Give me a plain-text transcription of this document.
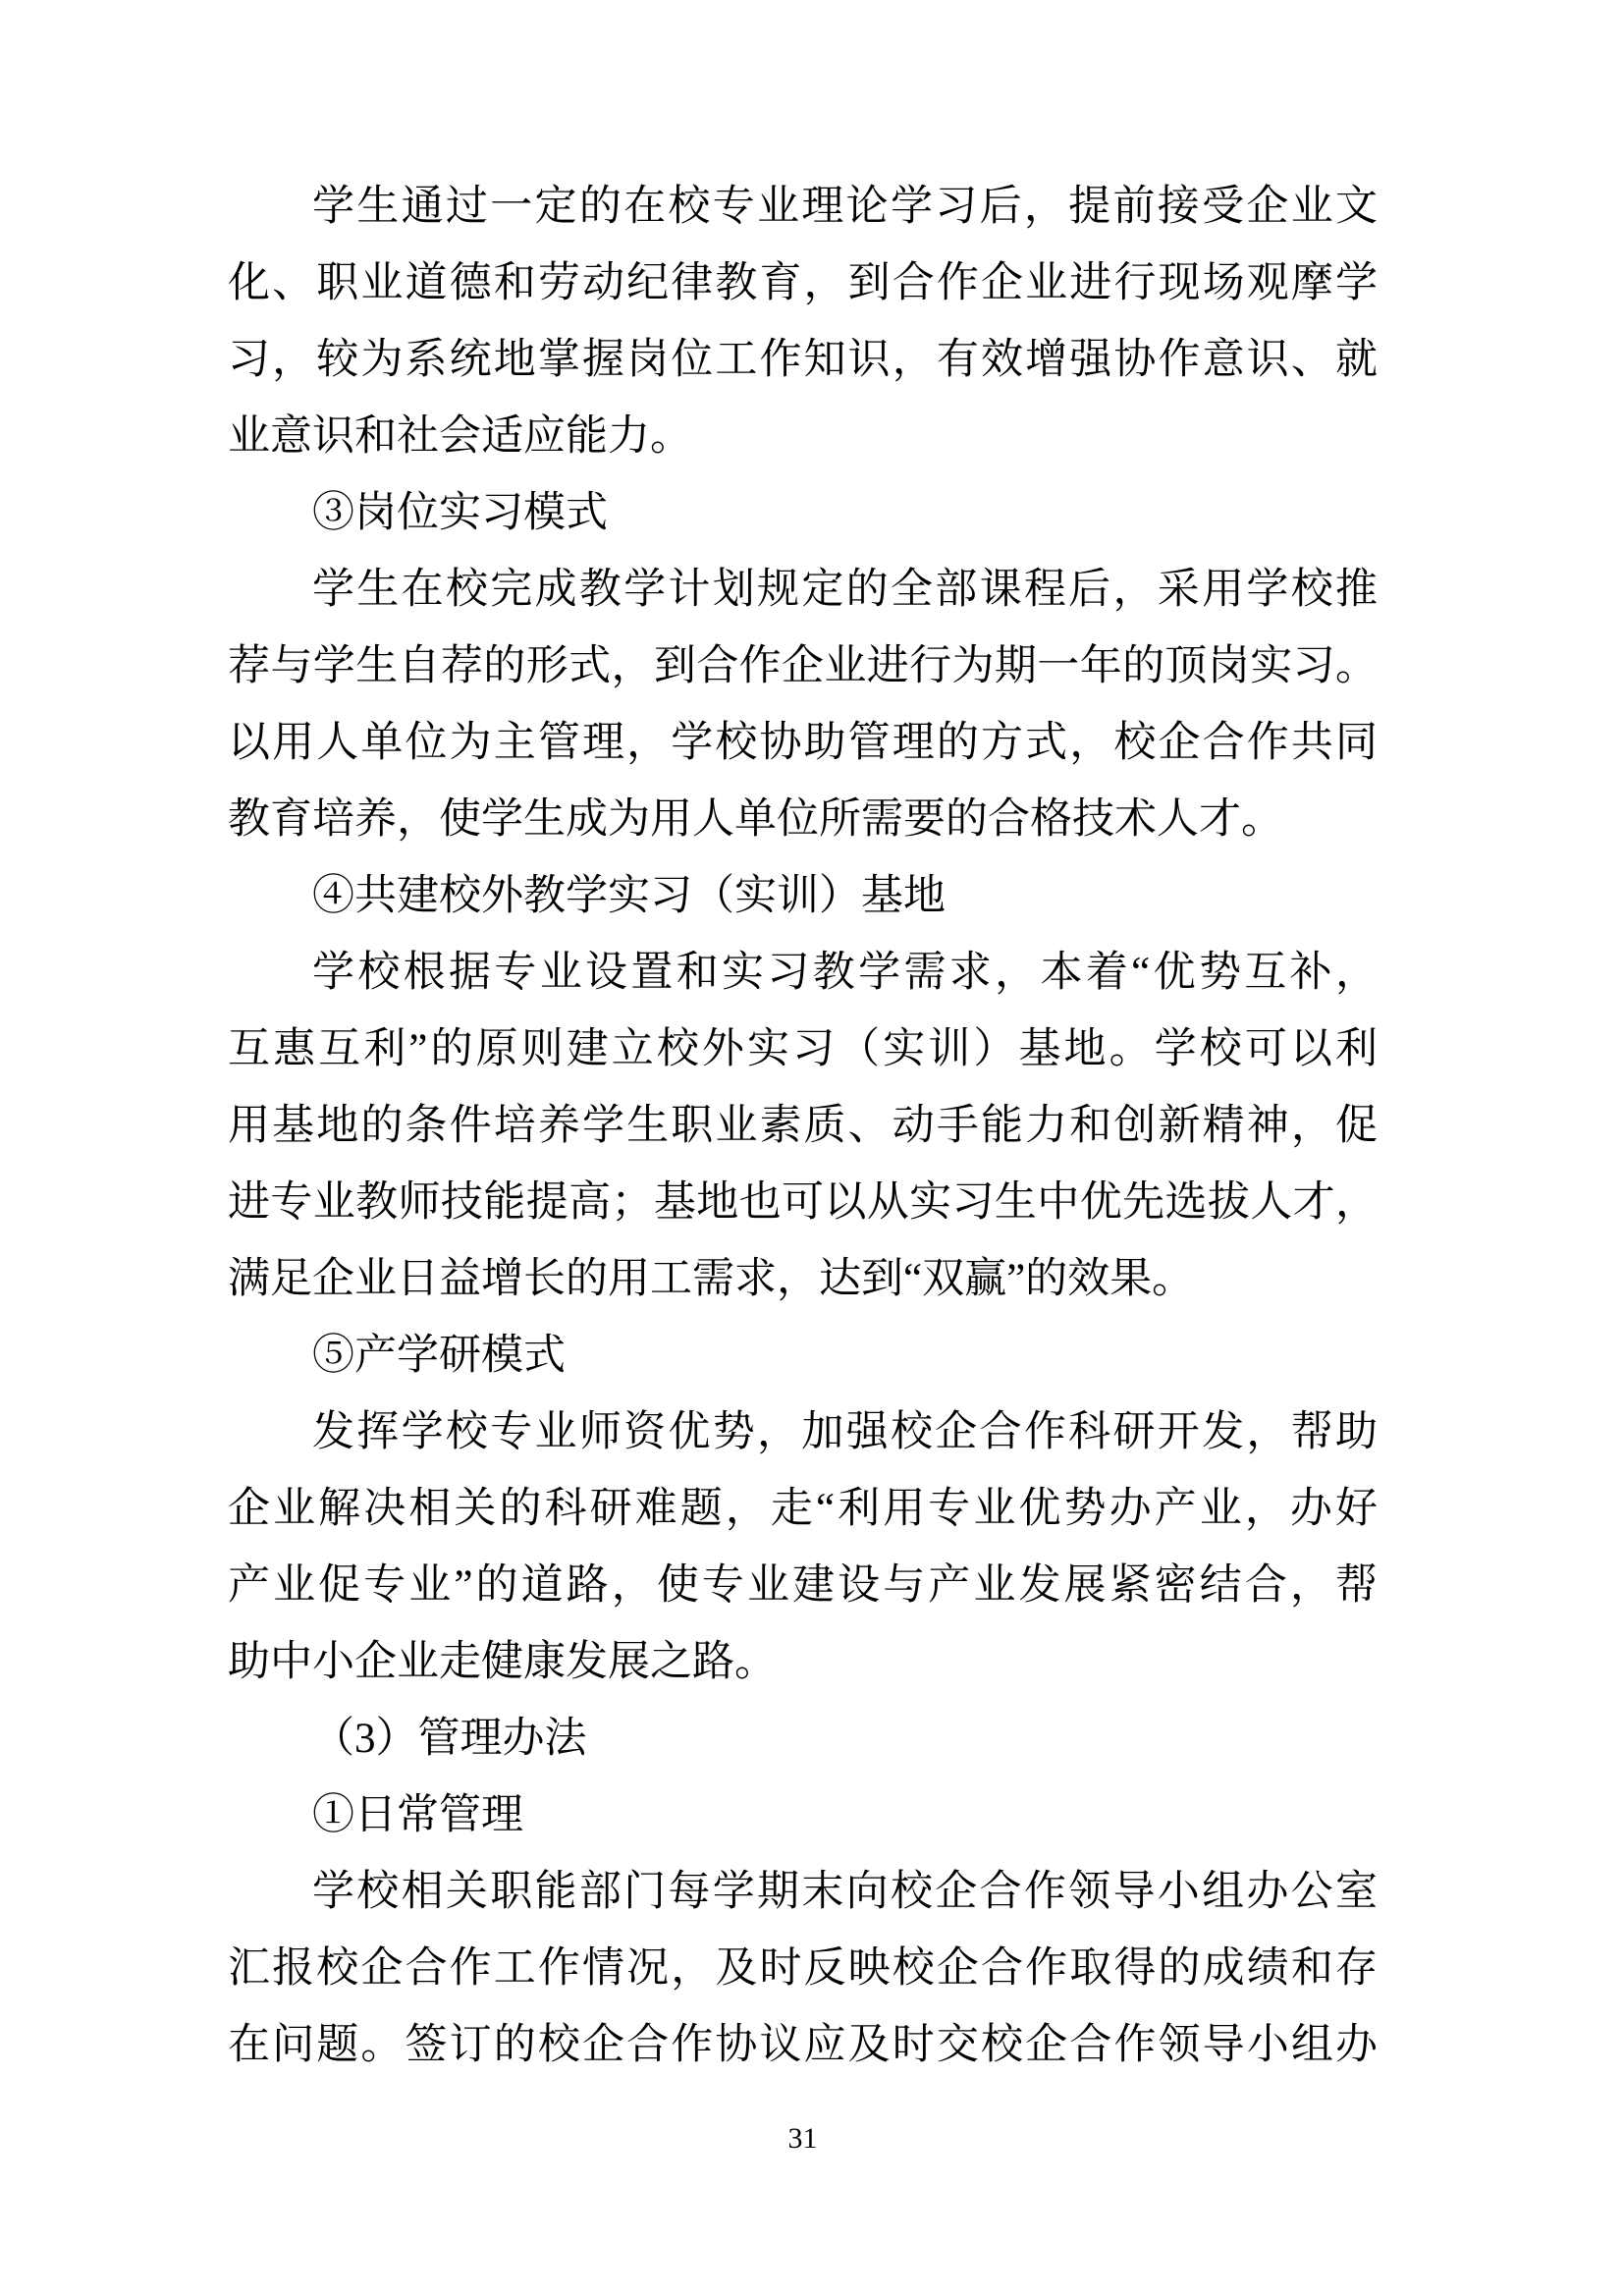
学生通过一定的在校专业理论学习后，提前接受企业文
化、职业道德和劳动纪律教育，到合作企业进行现场观摩学
习，较为系统地掌握岗位工作知识，有效增强协作意识、就
业意识和社会适应能力。
③岗位实习模式
学生在校完成教学计划规定的全部课程后，采用学校推
荐与学生自荐的形式，到合作企业进行为期一年的顶岗实习。
以用人单位为主管理，学校协助管理的方式，校企合作共同
教育培养，使学生成为用人单位所需要的合格技术人才。
④共建校外教学实习（实训）基地
学校根据专业设置和实习教学需求，本着“优势互补，
互惠互利”的原则建立校外实习（实训）基地。学校可以利
用基地的条件培养学生职业素质、动手能力和创新精神，促
进专业教师技能提高；基地也可以从实习生中优先选拔人才，
满足企业日益增长的用工需求，达到“双赢”的效果。
⑤产学研模式
发挥学校专业师资优势，加强校企合作科研开发，帮助
企业解决相关的科研难题，走“利用专业优势办产业，办好
产业促专业”的道路，使专业建设与产业发展紧密结合，帮
助中小企业走健康发展之路。
（3）管理办法
①日常管理
学校相关职能部门每学期末向校企合作领导小组办公室
汇报校企合作工作情况，及时反映校企合作取得的成绩和存
在问题。签订的校企合作协议应及时交校企合作领导小组办
31
